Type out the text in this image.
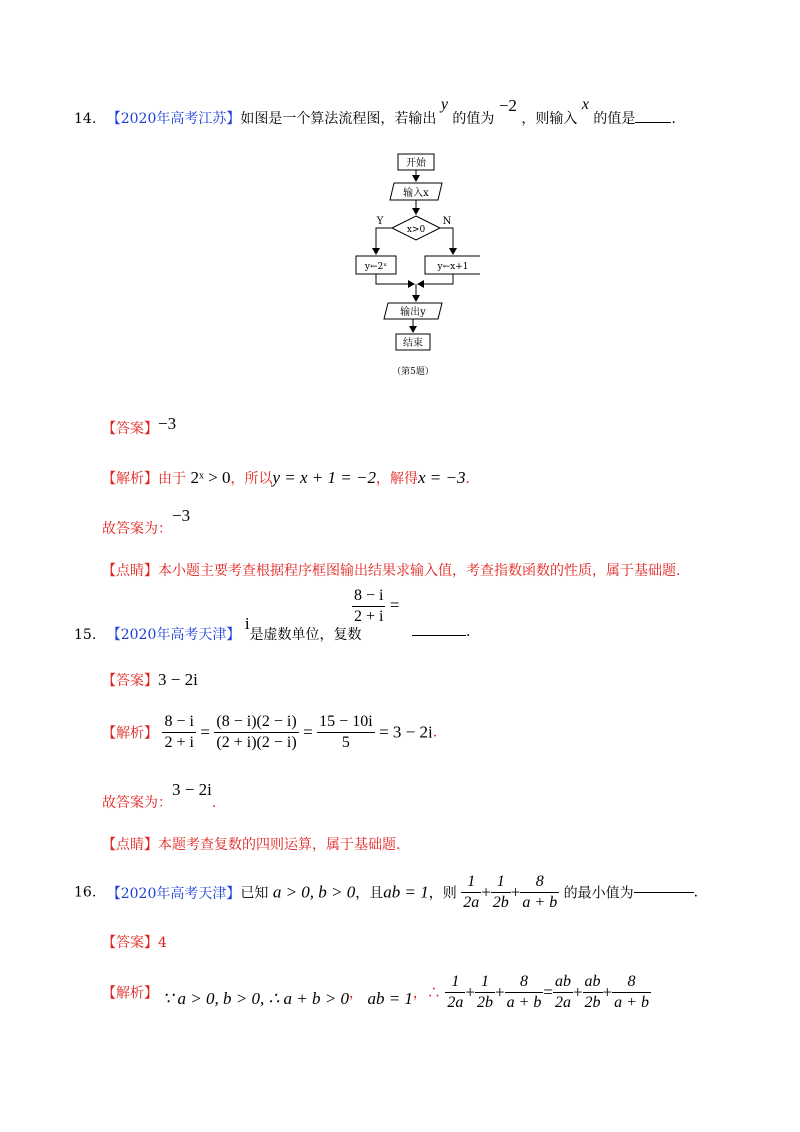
14. 【2020年高考江苏】如图是一个算法流程图，若输出 y 的值为 −2 ，则输入 x 的值是	.
开始
输入x
x>0
Y	N
y←2ˣ	y←x+1
输出y
结束
（第5题）
【答案】−3
【解析】由于 2ˣ > 0，所以y = x + 1 = −2，解得x = −3.
故答案为：−3
【点睛】本小题主要考查根据程序框图输出结果求输入值，考查指数函数的性质，属于基础题.
15. 【2020年高考天津】 i是虚数单位，复数
$\frac{8 - i}{2 + i}$ =
.
【答案】3 − 2i
【解析】 $\frac{8 - i}{2 + i} = \frac{(8 - i)(2 - i)}{(2 + i)(2 - i)} = \frac{15 - 10i}{5} = 3 - 2i$.
故答案为：3 − 2i.
【点睛】本题考查复数的四则运算，属于基础题.
16. 【2020年高考天津】已知 a > 0, b > 0，且ab = 1，则 $\frac{1}{2a} + \frac{1}{2b} + \frac{8}{a + b}$ 的最小值为	.
【答案】4
【解析】 ∵ a > 0, b > 0, ∴ a + b > 0， ab = 1，∴ $\frac{1}{2a} + \frac{1}{2b} + \frac{8}{a + b} = \frac{ab}{2a} + \frac{ab}{2b} + \frac{8}{a + b}$
